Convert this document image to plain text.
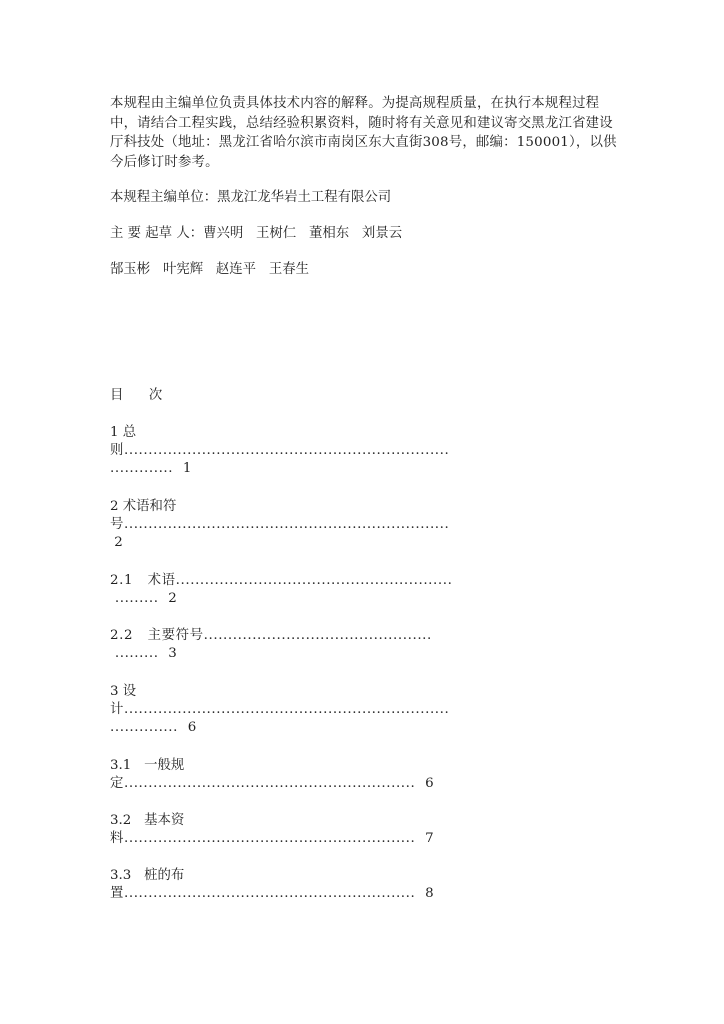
本规程由主编单位负责具体技术内容的解释。为提高规程质量，在执行本规程过程中，请结合工程实践，总结经验积累资料，随时将有关意见和建议寄交黑龙江省建设厅科技处（地址：黑龙江省哈尔滨市南岗区东大直街308号，邮编：150001），以供今后修订时参考。
本规程主编单位：黑龙江龙华岩土工程有限公司
主 要 起草 人：曹兴明   王树仁   董相东   刘景云
郜玉彬   叶宪辉   赵连平   王春生
目      次
1 总
则...................................................................
.............  1
2 术语和符
号...................................................................
2
2.1   术语.........................................................
.........  2
2.2   主要符号...............................................
.........  3
3 设
计...................................................................
..............  6
3.1   一般规
定............................................................  6
3.2   基本资
料............................................................  7
3.3   桩的布
置............................................................  8
